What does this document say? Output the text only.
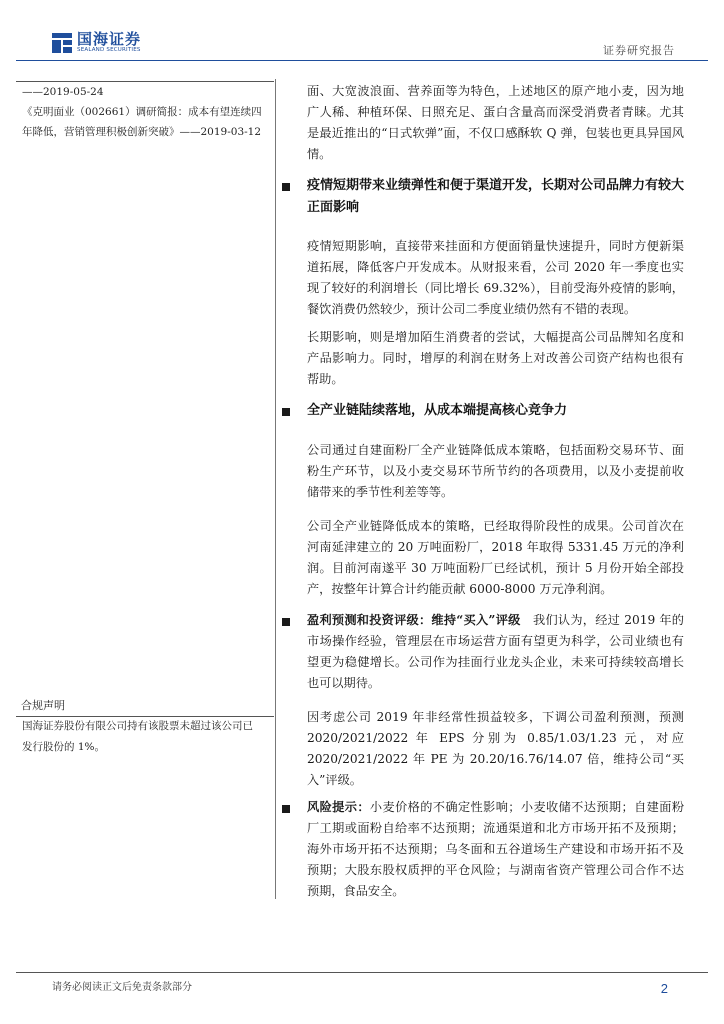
国海证券
SEALAND SECURITIES	证券研究报告
——2019-05-24
《克明面业（002661）调研简报：成本有望连续四年降低，营销管理积极创新突破》——2019-03-12
合规声明
国海证券股份有限公司持有该股票未超过该公司已发行股份的 1%。
面、大宽波浪面、营养面等为特色，上述地区的原产地小麦，因为地广人稀、种植环保、日照充足、蛋白含量高而深受消费者青睐。尤其是最近推出的“日式软弹”面，不仅口感酥软 Q 弹，包装也更具异国风情。
疫情短期带来业绩弹性和便于渠道开发，长期对公司品牌力有较大正面影响
疫情短期影响，直接带来挂面和方便面销量快速提升，同时方便新渠道拓展，降低客户开发成本。从财报来看，公司 2020 年一季度也实现了较好的利润增长（同比增长 69.32%），目前受海外疫情的影响，餐饮消费仍然较少，预计公司二季度业绩仍然有不错的表现。
长期影响，则是增加陌生消费者的尝试，大幅提高公司品牌知名度和产品影响力。同时，增厚的利润在财务上对改善公司资产结构也很有帮助。
全产业链陆续落地，从成本端提高核心竞争力
公司通过自建面粉厂全产业链降低成本策略，包括面粉交易环节、面粉生产环节，以及小麦交易环节所节约的各项费用，以及小麦提前收储带来的季节性利差等等。
公司全产业链降低成本的策略，已经取得阶段性的成果。公司首次在河南延津建立的 20 万吨面粉厂，2018 年取得 5331.45 万元的净利润。目前河南遂平 30 万吨面粉厂已经试机，预计 5 月份开始全部投产，按整年计算合计约能贡献 6000-8000 万元净利润。
盈利预测和投资评级：维持“买入”评级　我们认为，经过 2019 年的市场操作经验，管理层在市场运营方面有望更为科学，公司业绩也有望更为稳健增长。公司作为挂面行业龙头企业，未来可持续较高增长也可以期待。
因考虑公司 2019 年非经常性损益较多，下调公司盈利预测，预测 2020/2021/2022 年 EPS 分别为 0.85/1.03/1.23 元，对应 2020/2021/2022 年 PE 为 20.20/16.76/14.07 倍，维持公司“买入”评级。
风险提示：小麦价格的不确定性影响；小麦收储不达预期；自建面粉厂工期或面粉自给率不达预期；流通渠道和北方市场开拓不及预期；海外市场开拓不达预期；乌冬面和五谷道场生产建设和市场开拓不及预期；大股东股权质押的平仓风险；与湖南省资产管理公司合作不达预期，食品安全。
请务必阅读正文后免责条款部分	2
